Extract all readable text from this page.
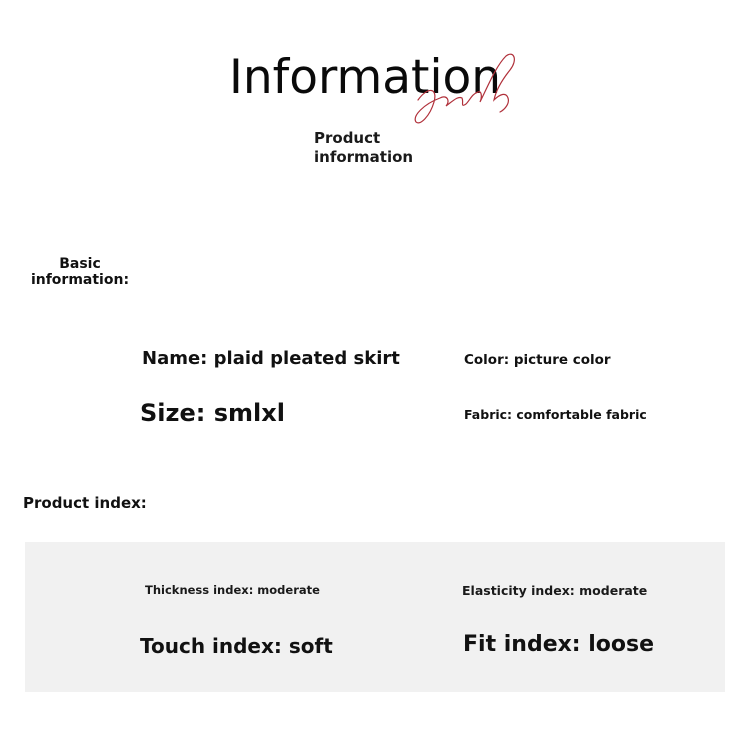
Information
Product
information
Basic information:
Name: plaid pleated skirt	Color: picture color
Size: smlxl	Fabric: comfortable fabric
Product index:
Thickness index: moderate	Elasticity index: moderate
Touch index: soft	Fit index: loose
